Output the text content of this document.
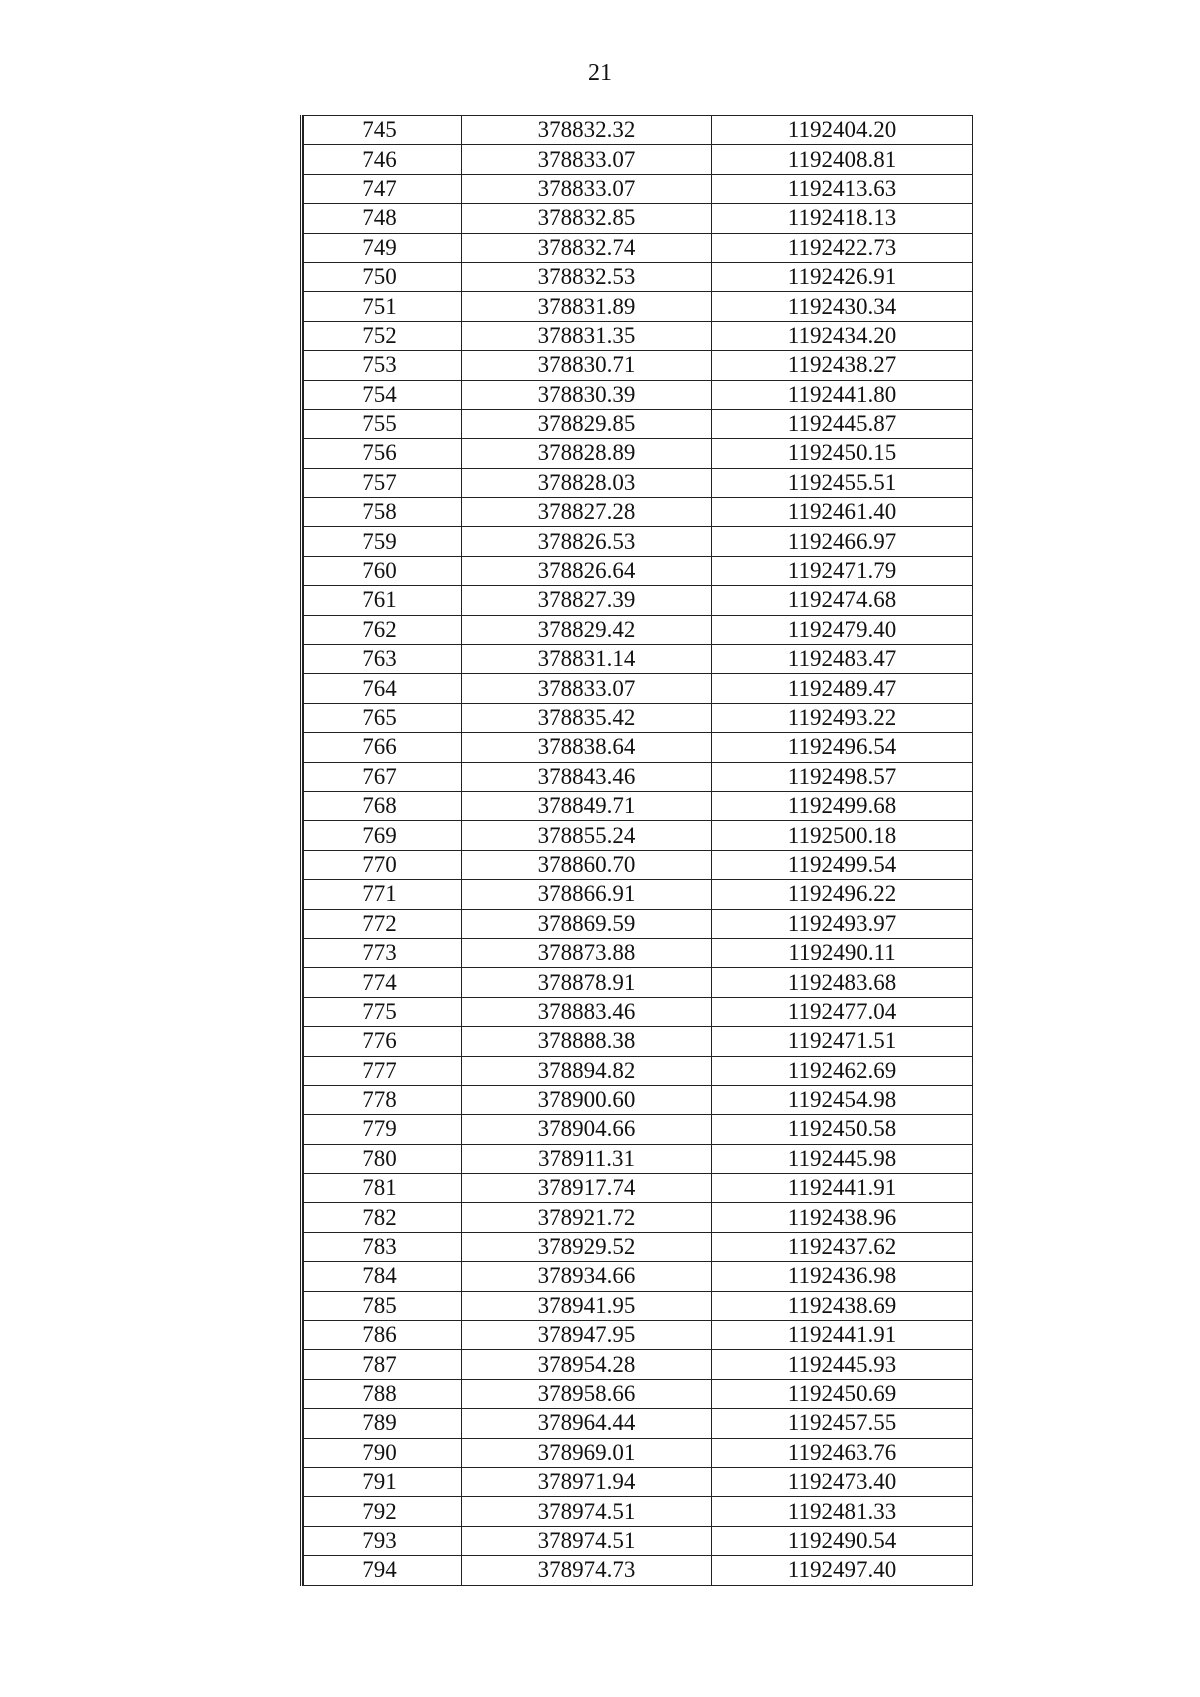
21
745	378832.32	1192404.20
746	378833.07	1192408.81
747	378833.07	1192413.63
748	378832.85	1192418.13
749	378832.74	1192422.73
750	378832.53	1192426.91
751	378831.89	1192430.34
752	378831.35	1192434.20
753	378830.71	1192438.27
754	378830.39	1192441.80
755	378829.85	1192445.87
756	378828.89	1192450.15
757	378828.03	1192455.51
758	378827.28	1192461.40
759	378826.53	1192466.97
760	378826.64	1192471.79
761	378827.39	1192474.68
762	378829.42	1192479.40
763	378831.14	1192483.47
764	378833.07	1192489.47
765	378835.42	1192493.22
766	378838.64	1192496.54
767	378843.46	1192498.57
768	378849.71	1192499.68
769	378855.24	1192500.18
770	378860.70	1192499.54
771	378866.91	1192496.22
772	378869.59	1192493.97
773	378873.88	1192490.11
774	378878.91	1192483.68
775	378883.46	1192477.04
776	378888.38	1192471.51
777	378894.82	1192462.69
778	378900.60	1192454.98
779	378904.66	1192450.58
780	378911.31	1192445.98
781	378917.74	1192441.91
782	378921.72	1192438.96
783	378929.52	1192437.62
784	378934.66	1192436.98
785	378941.95	1192438.69
786	378947.95	1192441.91
787	378954.28	1192445.93
788	378958.66	1192450.69
789	378964.44	1192457.55
790	378969.01	1192463.76
791	378971.94	1192473.40
792	378974.51	1192481.33
793	378974.51	1192490.54
794	378974.73	1192497.40
